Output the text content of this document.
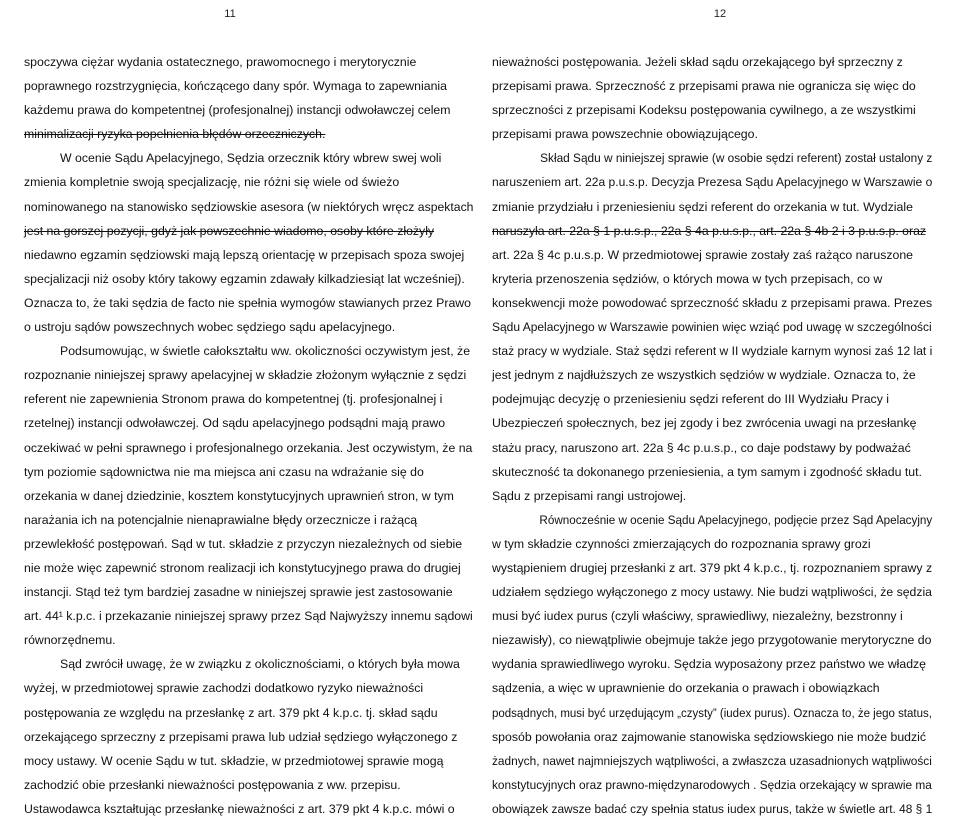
11
spoczywa ciężar wydania ostatecznego, prawomocnego i merytorycznie
poprawnego rozstrzygnięcia, kończącego dany spór. Wymaga to zapewniania
każdemu prawa do kompetentnej (profesjonalnej) instancji odwoławczej celem
minimalizacji ryzyka popełnienia błędów orzeczniczych.
W ocenie Sądu Apelacyjnego, Sędzia orzecznik który wbrew swej woli
zmienia kompletnie swoją specjalizację, nie różni się wiele od świeżo
nominowanego na stanowisko sędziowskie asesora (w niektórych wręcz aspektach
jest na gorszej pozycji, gdyż jak powszechnie wiadomo, osoby które złożyły
niedawno egzamin sędziowski mają lepszą orientację w przepisach spoza swojej
specjalizacji niż osoby który takowy egzamin zdawały kilkadziesiąt lat wcześniej).
Oznacza to, że taki sędzia de facto nie spełnia wymogów stawianych przez Prawo
o ustroju sądów powszechnych wobec sędziego sądu apelacyjnego.
Podsumowując, w świetle całokształtu ww. okoliczności oczywistym jest, że
rozpoznanie niniejszej sprawy apelacyjnej w składzie złożonym wyłącznie z sędzi
referent nie zapewnienia Stronom prawa do kompetentnej (tj. profesjonalnej i
rzetelnej) instancji odwoławczej. Od sądu apelacyjnego podsądni mają prawo
oczekiwać w pełni sprawnego i profesjonalnego orzekania. Jest oczywistym, że na
tym poziomie sądownictwa nie ma miejsca ani czasu na wdrażanie się do
orzekania w danej dziedzinie, kosztem konstytucyjnych uprawnień stron, w tym
narażania ich na potencjalnie nienaprawialne błędy orzecznicze i rażącą
przewlekłość postępowań. Sąd w tut. składzie z przyczyn niezależnych od siebie
nie może więc zapewnić stronom realizacji ich konstytucyjnego prawa do drugiej
instancji. Stąd też tym bardziej zasadne w niniejszej sprawie jest zastosowanie
art. 44¹ k.p.c. i przekazanie niniejszej sprawy przez Sąd Najwyższy innemu sądowi
równorzędnemu.
Sąd zwrócił uwagę, że w związku z okolicznościami, o których była mowa
wyżej, w przedmiotowej sprawie zachodzi dodatkowo ryzyko nieważności
postępowania ze względu na przesłankę z art. 379 pkt 4 k.p.c. tj. skład sądu
orzekającego sprzeczny z przepisami prawa lub udział sędziego wyłączonego z
mocy ustawy. W ocenie Sądu w tut. składzie, w przedmiotowej sprawie mogą
zachodzić obie przesłanki nieważności postępowania z ww. przepisu.
Ustawodawca kształtując przesłankę nieważności z art. 379 pkt 4 k.p.c. mówi o
12
nieważności postępowania. Jeżeli skład sądu orzekającego był sprzeczny z
przepisami prawa. Sprzeczność z przepisami prawa nie ogranicza się więc do
sprzeczności z przepisami Kodeksu postępowania cywilnego, a ze wszystkimi
przepisami prawa powszechnie obowiązującego.
Skład Sądu w niniejszej sprawie (w osobie sędzi referent) został ustalony z
naruszeniem art. 22a p.u.s.p. Decyzja Prezesa Sądu Apelacyjnego w Warszawie o
zmianie przydziału i przeniesieniu sędzi referent do orzekania w tut. Wydziale
naruszyła art. 22a § 1 p.u.s.p., 22a § 4a p.u.s.p., art. 22a § 4b 2 i 3 p.u.s.p. oraz
art. 22a § 4c p.u.s.p. W przedmiotowej sprawie zostały zaś rażąco naruszone
kryteria przenoszenia sędziów, o których mowa w tych przepisach, co w
konsekwencji może powodować sprzeczność składu z przepisami prawa. Prezes
Sądu Apelacyjnego w Warszawie powinien więc wziąć pod uwagę w szczególności
staż pracy w wydziale. Staż sędzi referent w II wydziale karnym wynosi zaś 12 lat i
jest jednym z najdłuższych ze wszystkich sędziów w wydziale. Oznacza to, że
podejmując decyzję o przeniesieniu sędzi referent do III Wydziału Pracy i
Ubezpieczeń społecznych, bez jej zgody i bez zwrócenia uwagi na przesłankę
stażu pracy, naruszono art. 22a § 4c p.u.s.p., co daje podstawy by podważać
skuteczność ta dokonanego przeniesienia, a tym samym i zgodność składu tut.
Sądu z przepisami rangi ustrojowej.
Równocześnie w ocenie Sądu Apelacyjnego, podjęcie przez Sąd Apelacyjny
w tym składzie czynności zmierzających do rozpoznania sprawy grozi
wystąpieniem drugiej przesłanki z art. 379 pkt 4 k.p.c., tj. rozpoznaniem sprawy z
udziałem sędziego wyłączonego z mocy ustawy. Nie budzi wątpliwości, że sędzia
musi być iudex purus (czyli właściwy, sprawiedliwy, niezależny, bezstronny i
niezawisły), co niewątpliwie obejmuje także jego przygotowanie merytoryczne do
wydania sprawiedliwego wyroku. Sędzia wyposażony przez państwo we władzę
sądzenia, a więc w uprawnienie do orzekania o prawach i obowiązkach
podsądnych, musi być urzędującym „czysty” (iudex purus). Oznacza to, że jego status,
sposób powołania oraz zajmowanie stanowiska sędziowskiego nie może budzić
żadnych, nawet najmniejszych wątpliwości, a zwłaszcza uzasadnionych wątpliwości
konstytucyjnych oraz prawno-międzynarodowych . Sędzia orzekający w sprawie ma
obowiązek zawsze badać czy spełnia status iudex purus, także w świetle art. 48 § 1
